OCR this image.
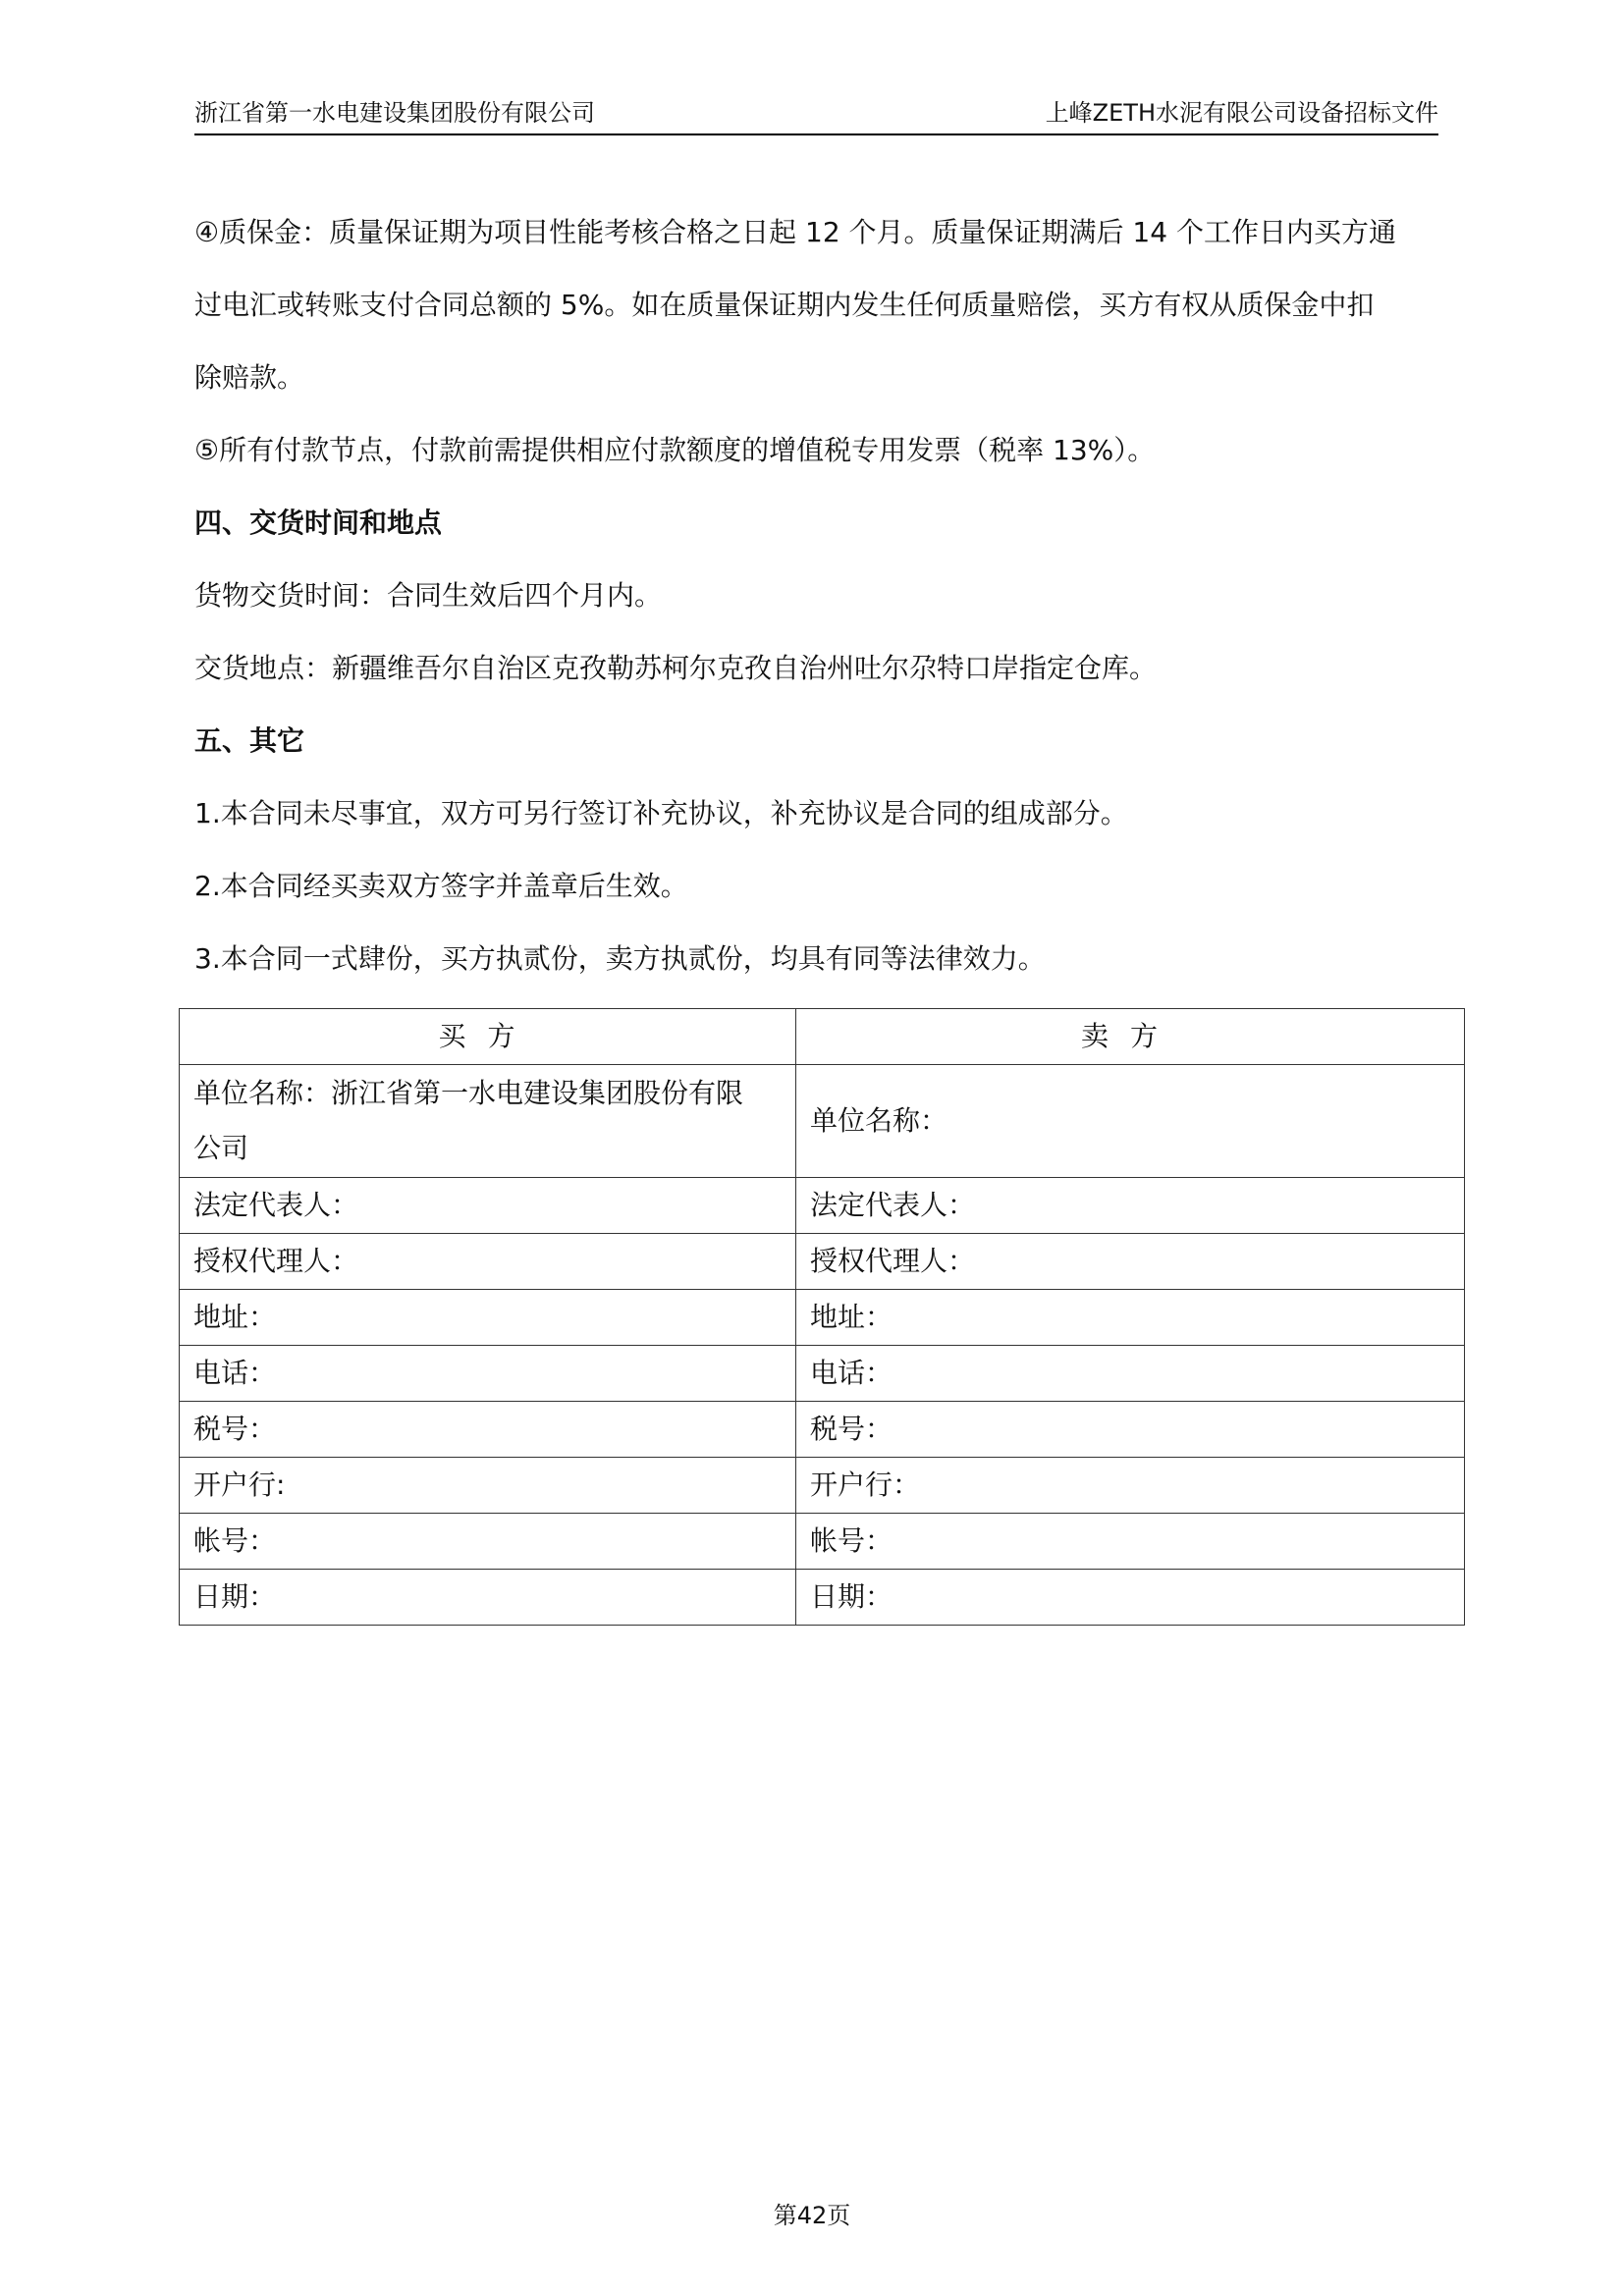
浙江省第一水电建设集团股份有限公司	上峰ZETH水泥有限公司设备招标文件

④质保金：质量保证期为项目性能考核合格之日起 12 个月。质量保证期满后 14 个工作日内买方通

过电汇或转账支付合同总额的 5%。如在质量保证期内发生任何质量赔偿，买方有权从质保金中扣

除赔款。

⑤所有付款节点，付款前需提供相应付款额度的增值税专用发票（税率 13%）。

四、交货时间和地点

货物交货时间：合同生效后四个月内。

交货地点：新疆维吾尔自治区克孜勒苏柯尔克孜自治州吐尔尕特口岸指定仓库。

五、其它

1.本合同未尽事宜，双方可另行签订补充协议，补充协议是合同的组成部分。

2.本合同经买卖双方签字并盖章后生效。

3.本合同一式肆份，买方执贰份，卖方执贰份，均具有同等法律效力。

买方	卖方

单位名称：浙江省第一水电建设集团股份有限
公司	单位名称：
法定代表人：	法定代表人：
授权代理人：	授权代理人：
地址：	地址：
电话：	电话：
税号：	税号：
开户行:	开户行：
帐号：	帐号：
日期：	日期：
第42页
